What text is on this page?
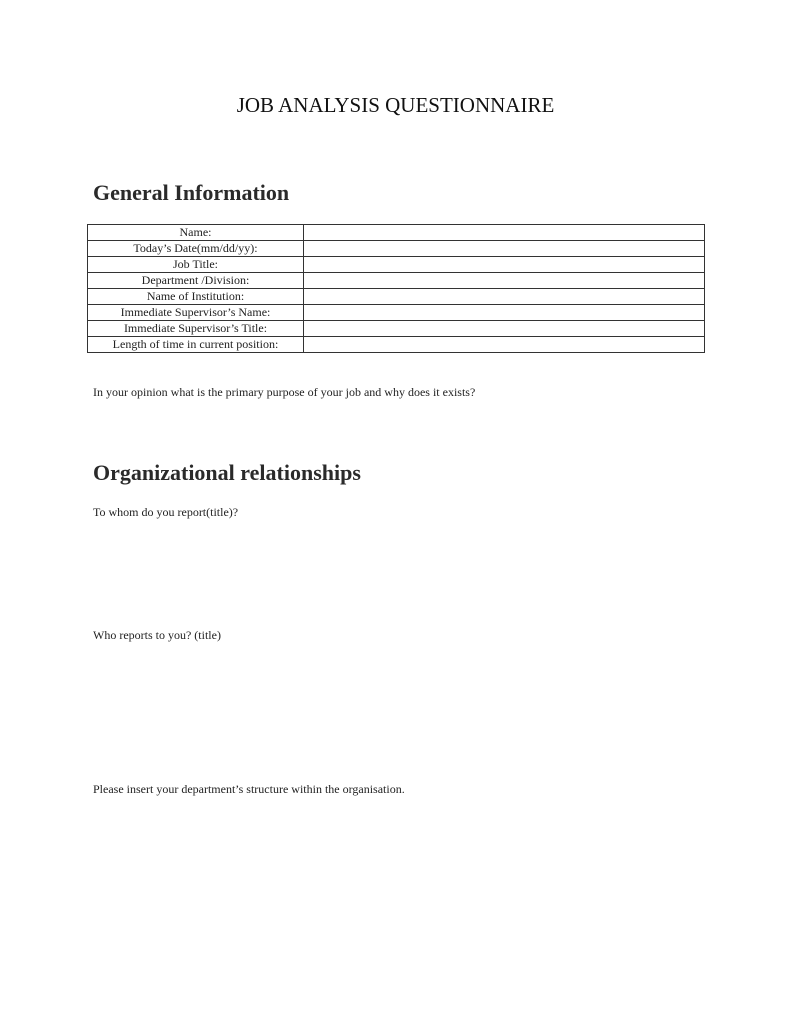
JOB ANALYSIS QUESTIONNAIRE
General Information
Name:	
Today’s Date(mm/dd/yy):	
Job Title:	
Department /Division:	
Name of Institution:	
Immediate Supervisor’s Name:	
Immediate Supervisor’s Title:	
Length of time in current position:	

In your opinion what is the primary purpose of your job and why does it exists?

Organizational relationships

To whom do you report(title)?

Who reports to you? (title)

Please insert your department’s structure within the organisation.
